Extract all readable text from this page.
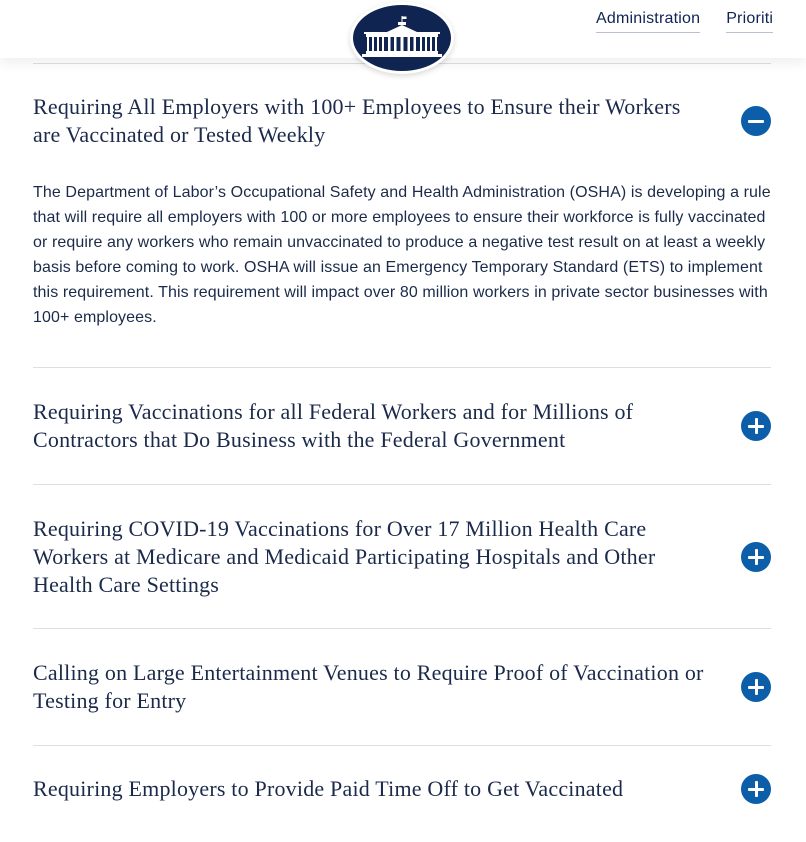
Administration Prioriti
Requiring All Employers with 100+ Employees to Ensure their Workers are Vaccinated or Tested Weekly

The Department of Labor’s Occupational Safety and Health Administration (OSHA) is developing a rule that will require all employers with 100 or more employees to ensure their workforce is fully vaccinated or require any workers who remain unvaccinated to produce a negative test result on at least a weekly basis before coming to work. OSHA will issue an Emergency Temporary Standard (ETS) to implement this requirement. This requirement will impact over 80 million workers in private sector businesses with 100+ employees.

Requiring Vaccinations for all Federal Workers and for Millions of Contractors that Do Business with the Federal Government
Requiring COVID-19 Vaccinations for Over 17 Million Health Care Workers at Medicare and Medicaid Participating Hospitals and Other Health Care Settings
Calling on Large Entertainment Venues to Require Proof of Vaccination or Testing for Entry
Requiring Employers to Provide Paid Time Off to Get Vaccinated
